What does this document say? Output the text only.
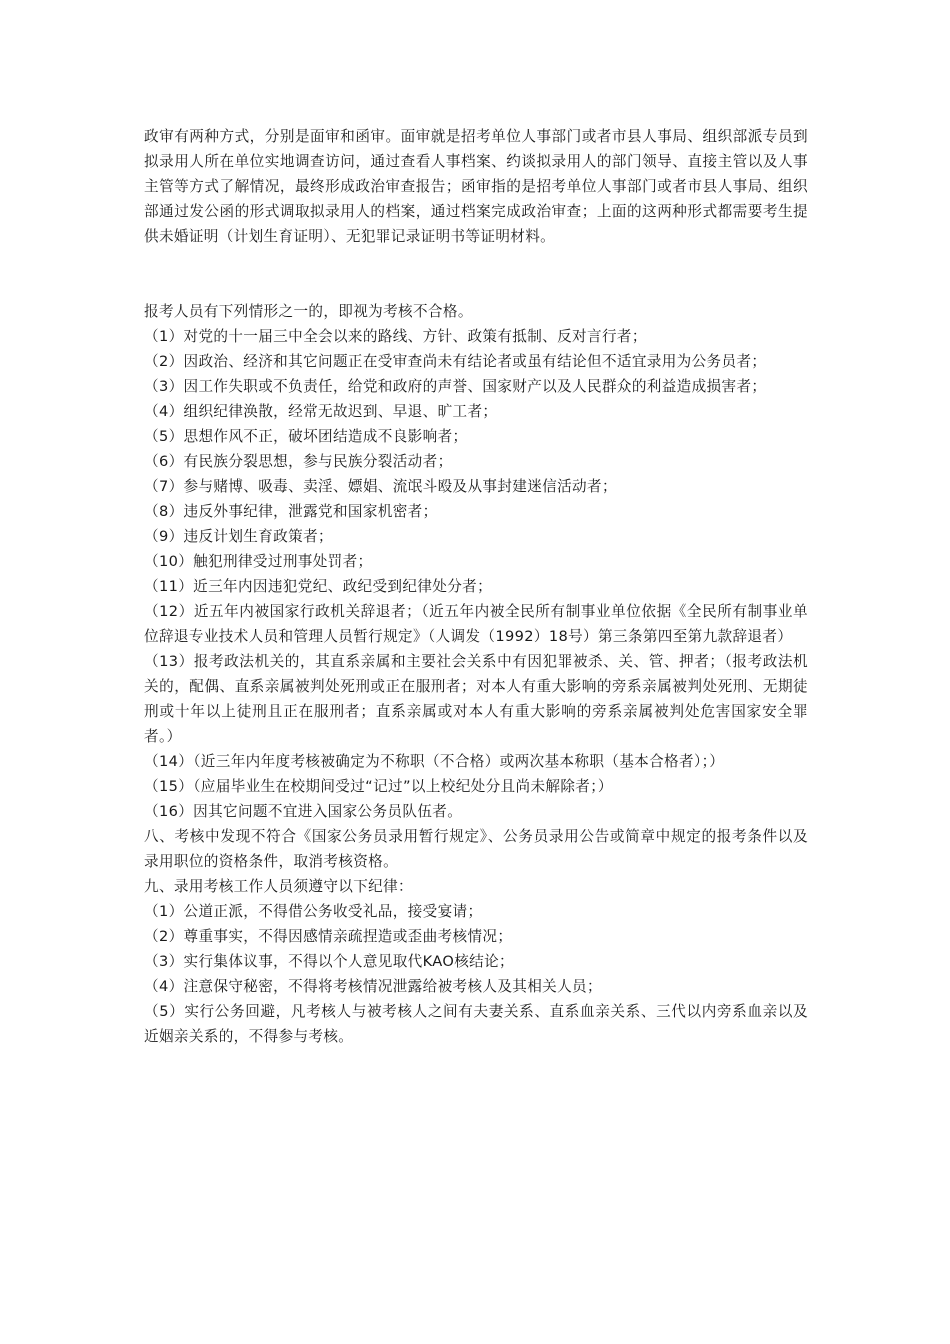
政审有两种方式，分别是面审和函审。面审就是招考单位人事部门或者市县人事局、组织部派专员到拟录用人所在单位实地调查访问，通过查看人事档案、约谈拟录用人的部门领导、直接主管以及人事主管等方式了解情况，最终形成政治审查报告；函审指的是招考单位人事部门或者市县人事局、组织部通过发公函的形式调取拟录用人的档案，通过档案完成政治审查；上面的这两种形式都需要考生提供未婚证明（计划生育证明）、无犯罪记录证明书等证明材料。

报考人员有下列情形之一的，即视为考核不合格。

（1）对党的十一届三中全会以来的路线、方针、政策有抵制、反对言行者；

（2）因政治、经济和其它问题正在受审查尚未有结论者或虽有结论但不适宜录用为公务员者；

（3）因工作失职或不负责任，给党和政府的声誉、国家财产以及人民群众的利益造成损害者；

（4）组织纪律涣散，经常无故迟到、早退、旷工者；

（5）思想作风不正，破坏团结造成不良影响者；

（6）有民族分裂思想，参与民族分裂活动者；

（7）参与赌博、吸毒、卖淫、嫖娼、流氓斗殴及从事封建迷信活动者；

（8）违反外事纪律，泄露党和国家机密者；

（9）违反计划生育政策者；

（10）触犯刑律受过刑事处罚者；

（11）近三年内因违犯党纪、政纪受到纪律处分者；

（12）近五年内被国家行政机关辞退者；（近五年内被全民所有制事业单位依据《全民所有制事业单位辞退专业技术人员和管理人员暂行规定》（人调发（1992）18号）第三条第四至第九款辞退者）

（13）报考政法机关的，其直系亲属和主要社会关系中有因犯罪被杀、关、管、押者；（报考政法机关的，配偶、直系亲属被判处死刑或正在服刑者；对本人有重大影响的旁系亲属被判处死刑、无期徒刑或十年以上徒刑且正在服刑者；直系亲属或对本人有重大影响的旁系亲属被判处危害国家安全罪者。）

（14）（近三年内年度考核被确定为不称职（不合格）或两次基本称职（基本合格者）；）

（15）（应届毕业生在校期间受过“记过”以上校纪处分且尚未解除者；）

（16）因其它问题不宜进入国家公务员队伍者。

八、考核中发现不符合《国家公务员录用暂行规定》、公务员录用公告或简章中规定的报考条件以及录用职位的资格条件，取消考核资格。

九、录用考核工作人员须遵守以下纪律：

（1）公道正派，不得借公务收受礼品，接受宴请；

（2）尊重事实，不得因感情亲疏捏造或歪曲考核情况；

（3）实行集体议事，不得以个人意见取代KAO核结论；

（4）注意保守秘密，不得将考核情况泄露给被考核人及其相关人员；

（5）实行公务回避，凡考核人与被考核人之间有夫妻关系、直系血亲关系、三代以内旁系血亲以及近姻亲关系的，不得参与考核。
